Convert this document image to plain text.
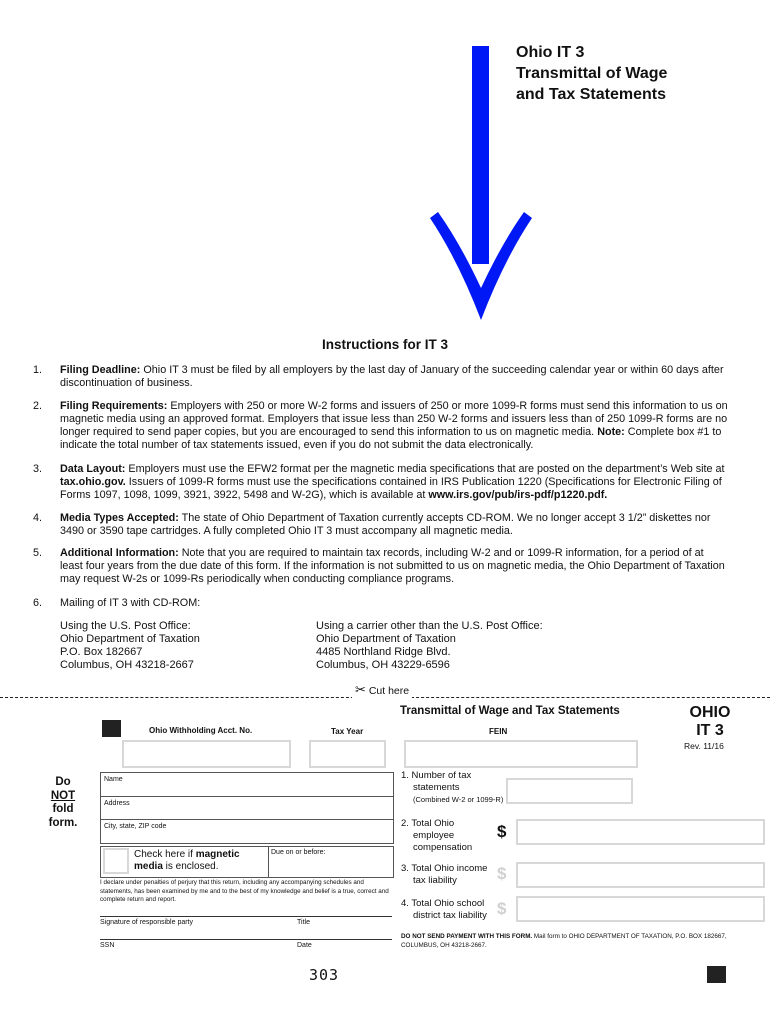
Ohio IT 3
Transmittal of Wage
and Tax Statements
Instructions for IT 3
1. Filing Deadline: Ohio IT 3 must be filed by all employers by the last day of January of the succeeding calendar year or within 60 days after discontinuation of business.
2. Filing Requirements: Employers with 250 or more W-2 forms and issuers of 250 or more 1099-R forms must send this information to us on magnetic media using an approved format. Employers that issue less than 250 W-2 forms and issuers less than of 250 1099-R forms are no longer required to send paper copies, but you are encouraged to send this information to us on magnetic media. Note: Complete box #1 to indicate the total number of tax statements issued, even if you do not submit the data electronically.
3. Data Layout: Employers must use the EFW2 format per the magnetic media specifications that are posted on the department’s Web site at tax.ohio.gov. Issuers of 1099-R forms must use the specifications contained in IRS Publication 1220 (Specifications for Electronic Filing of Forms 1097, 1098, 1099, 3921, 3922, 5498 and W-2G), which is available at www.irs.gov/pub/irs-pdf/p1220.pdf.
4. Media Types Accepted: The state of Ohio Department of Taxation currently accepts CD-ROM. We no longer accept 3 1/2” diskettes nor 3490 or 3590 tape cartridges. A fully completed Ohio IT 3 must accompany all magnetic media.
5. Additional Information: Note that you are required to maintain tax records, including W-2 and or 1099-R information, for a period of at least four years from the due date of this form. If the information is not submitted to us on magnetic media, the Ohio Department of Taxation may request W-2s or 1099-Rs periodically when conducting compliance programs.
6. Mailing of IT 3 with CD-ROM:
Using the U.S. Post Office:
Ohio Department of Taxation
P.O. Box 182667
Columbus, OH 43218-2667
Using a carrier other than the U.S. Post Office:
Ohio Department of Taxation
4485 Northland Ridge Blvd.
Columbus, OH 43229-6596
✂ Cut here
Ohio Withholding Acct. No.	Tax Year
Transmittal of Wage and Tax Statements
FEIN
OHIO
IT 3
Rev. 11/16
Do
NOT
fold
form.
Name
Address
City, state, ZIP code
Check here if magnetic
media is enclosed.
Due on or before:
I declare under penalties of perjury that this return, including any accompanying schedules and statements, has been examined by me and to the best of my knowledge and belief is a true, correct and complete return and report.
Signature of responsible party	Title
SSN	Date
1. Number of tax
statements
(Combined W-2 or 1099-R)
2. Total Ohio
employee
compensation
$
3. Total Ohio income
tax liability	$
4. Total Ohio school
district tax liability $
DO NOT SEND PAYMENT WITH THIS FORM. Mail form to OHIO DEPARTMENT OF TAXATION, P.O. BOX 182667, COLUMBUS, OH 43218-2667.
303
